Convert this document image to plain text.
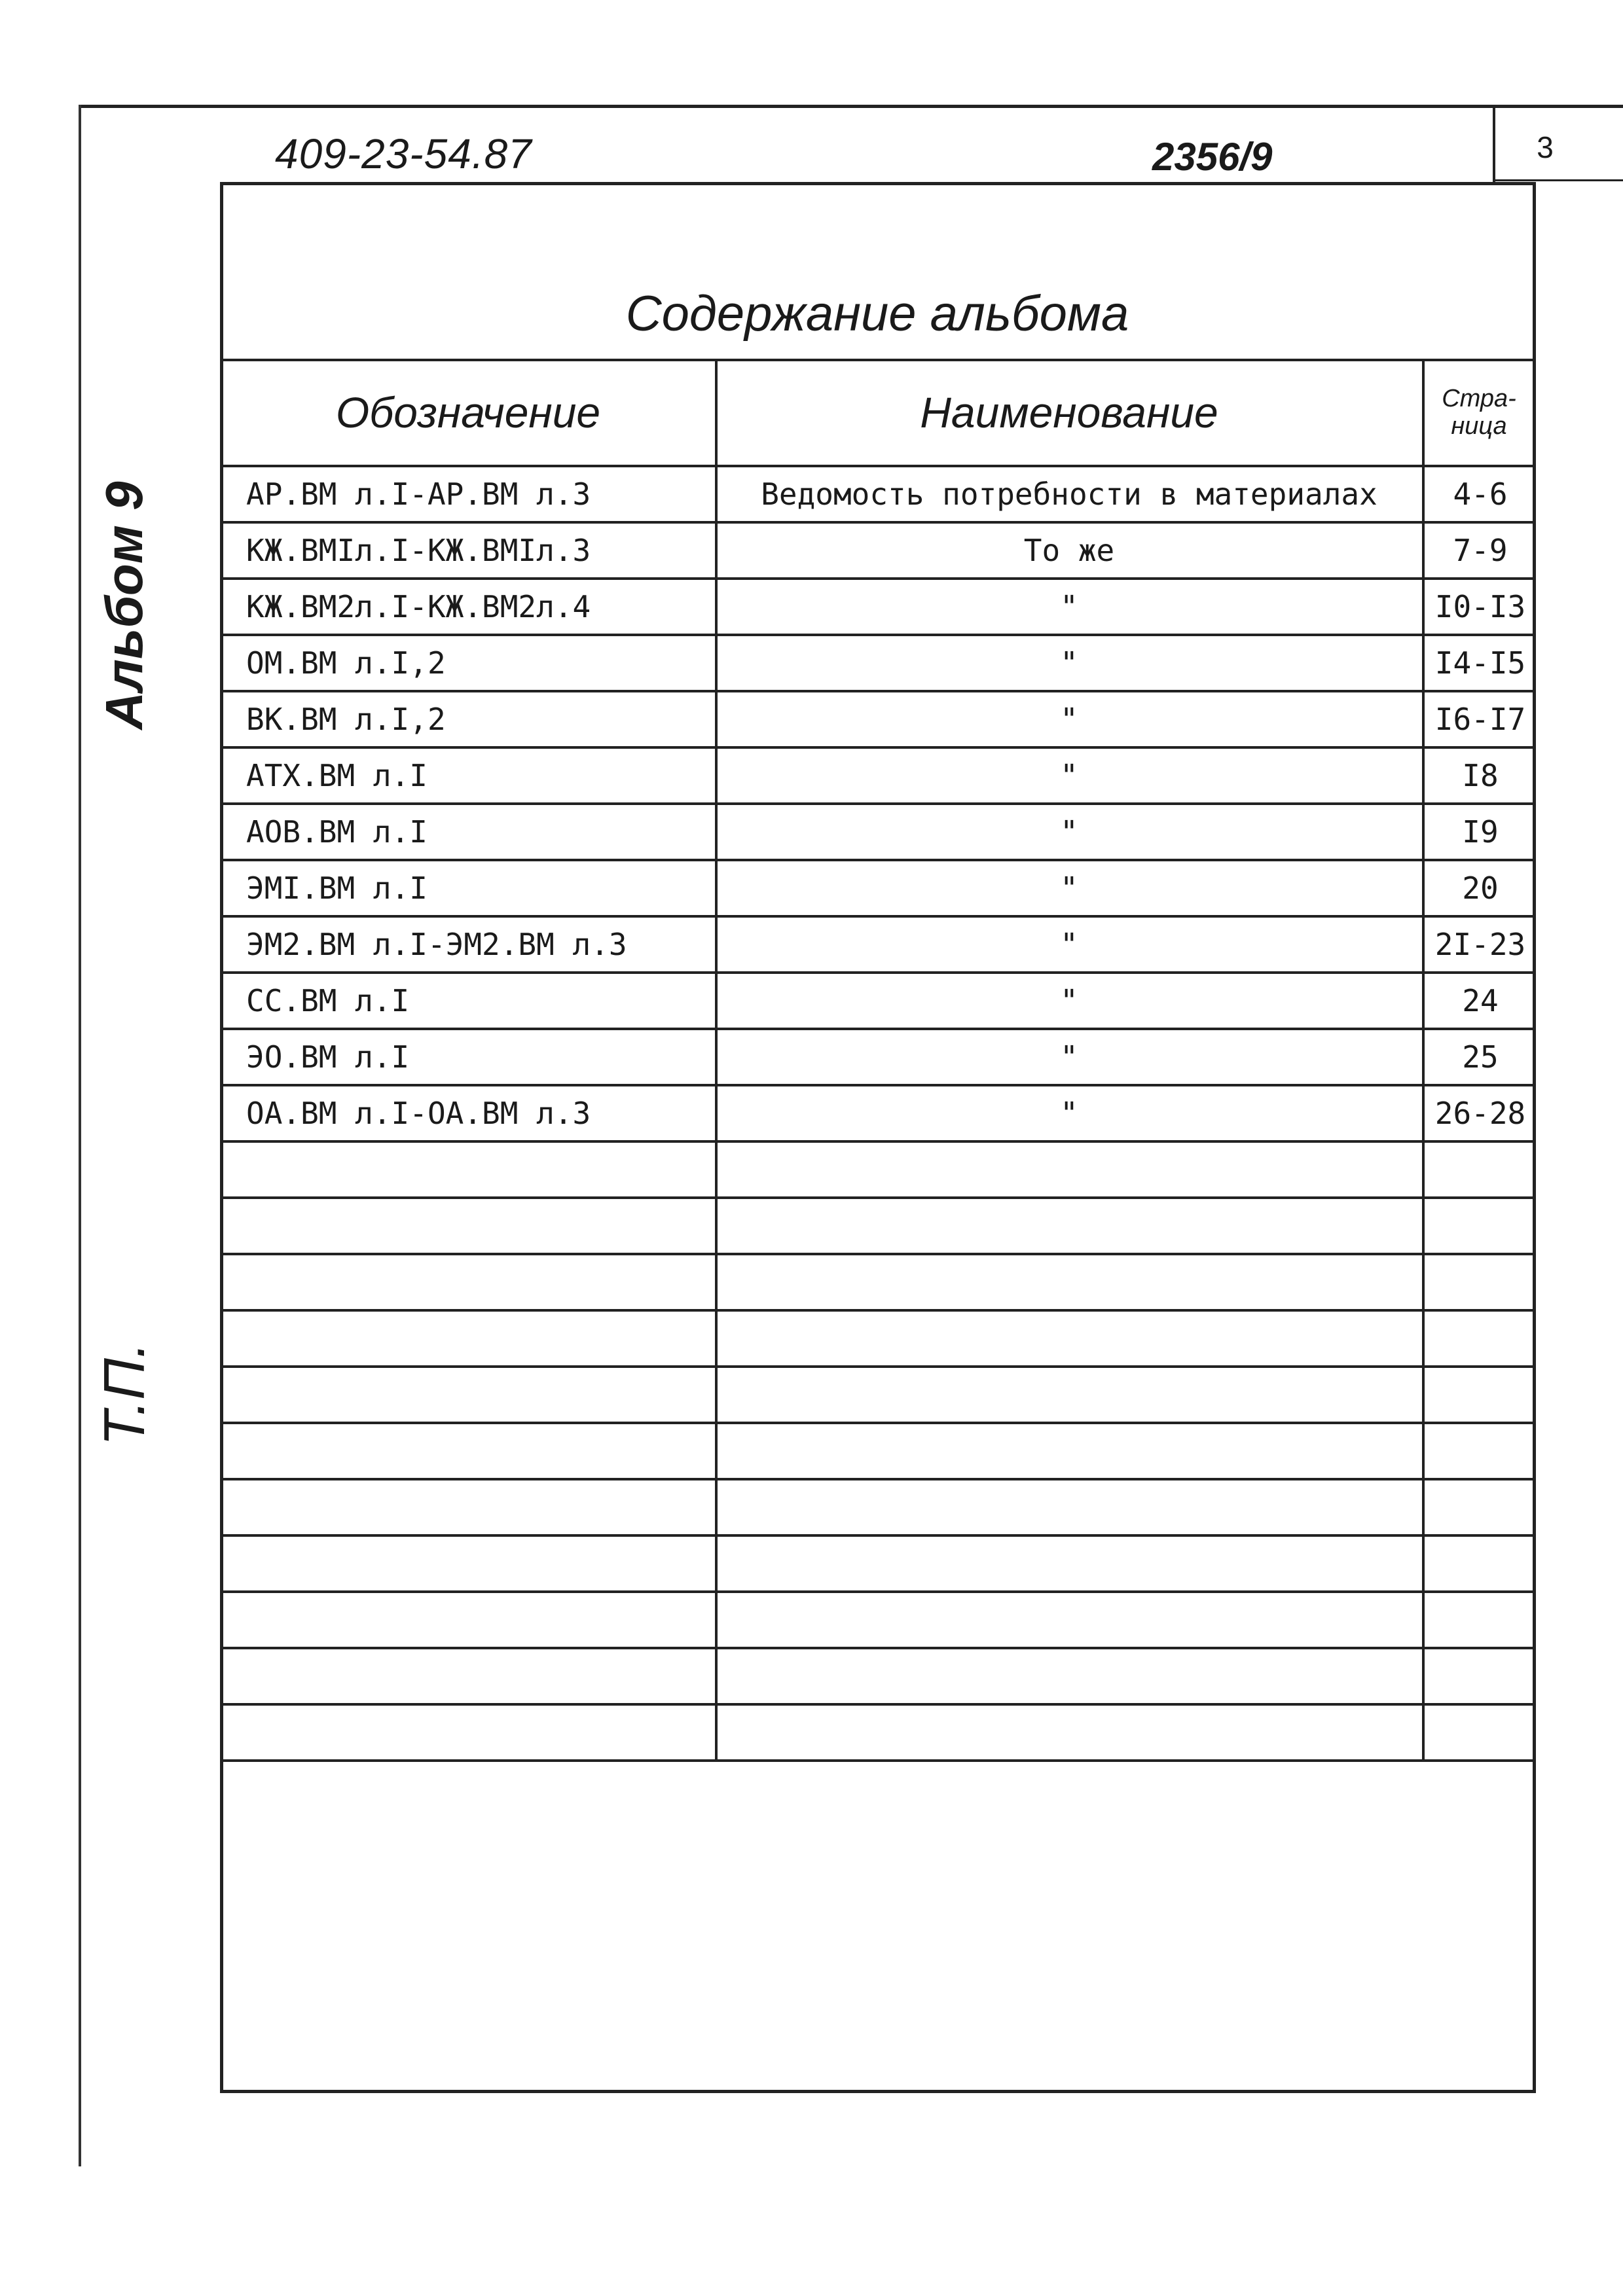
3
409-23-54.87	2356/9
Альбом 9
Т.П.
Содержание альбома
Обозначение	Наименование	Стра-
ница
АР.ВМ л.I-АР.ВМ л.3	Ведомость потребности в материалах	4-6
КЖ.ВМIл.I-КЖ.ВМIл.3	То же	7-9
КЖ.ВМ2л.I-КЖ.ВМ2л.4	"	I0-I3
ОМ.ВМ л.I,2	"	I4-I5
ВК.ВМ л.I,2	"	I6-I7
АТХ.ВМ л.I	"	I8
АОВ.ВМ л.I	"	I9
ЭМI.ВМ л.I	"	20
ЭМ2.ВМ л.I-ЭМ2.ВМ л.3	"	2I-23
СС.ВМ л.I	"	24
ЭО.ВМ л.I	"	25
ОА.ВМ л.I-ОА.ВМ л.3	"	26-28
